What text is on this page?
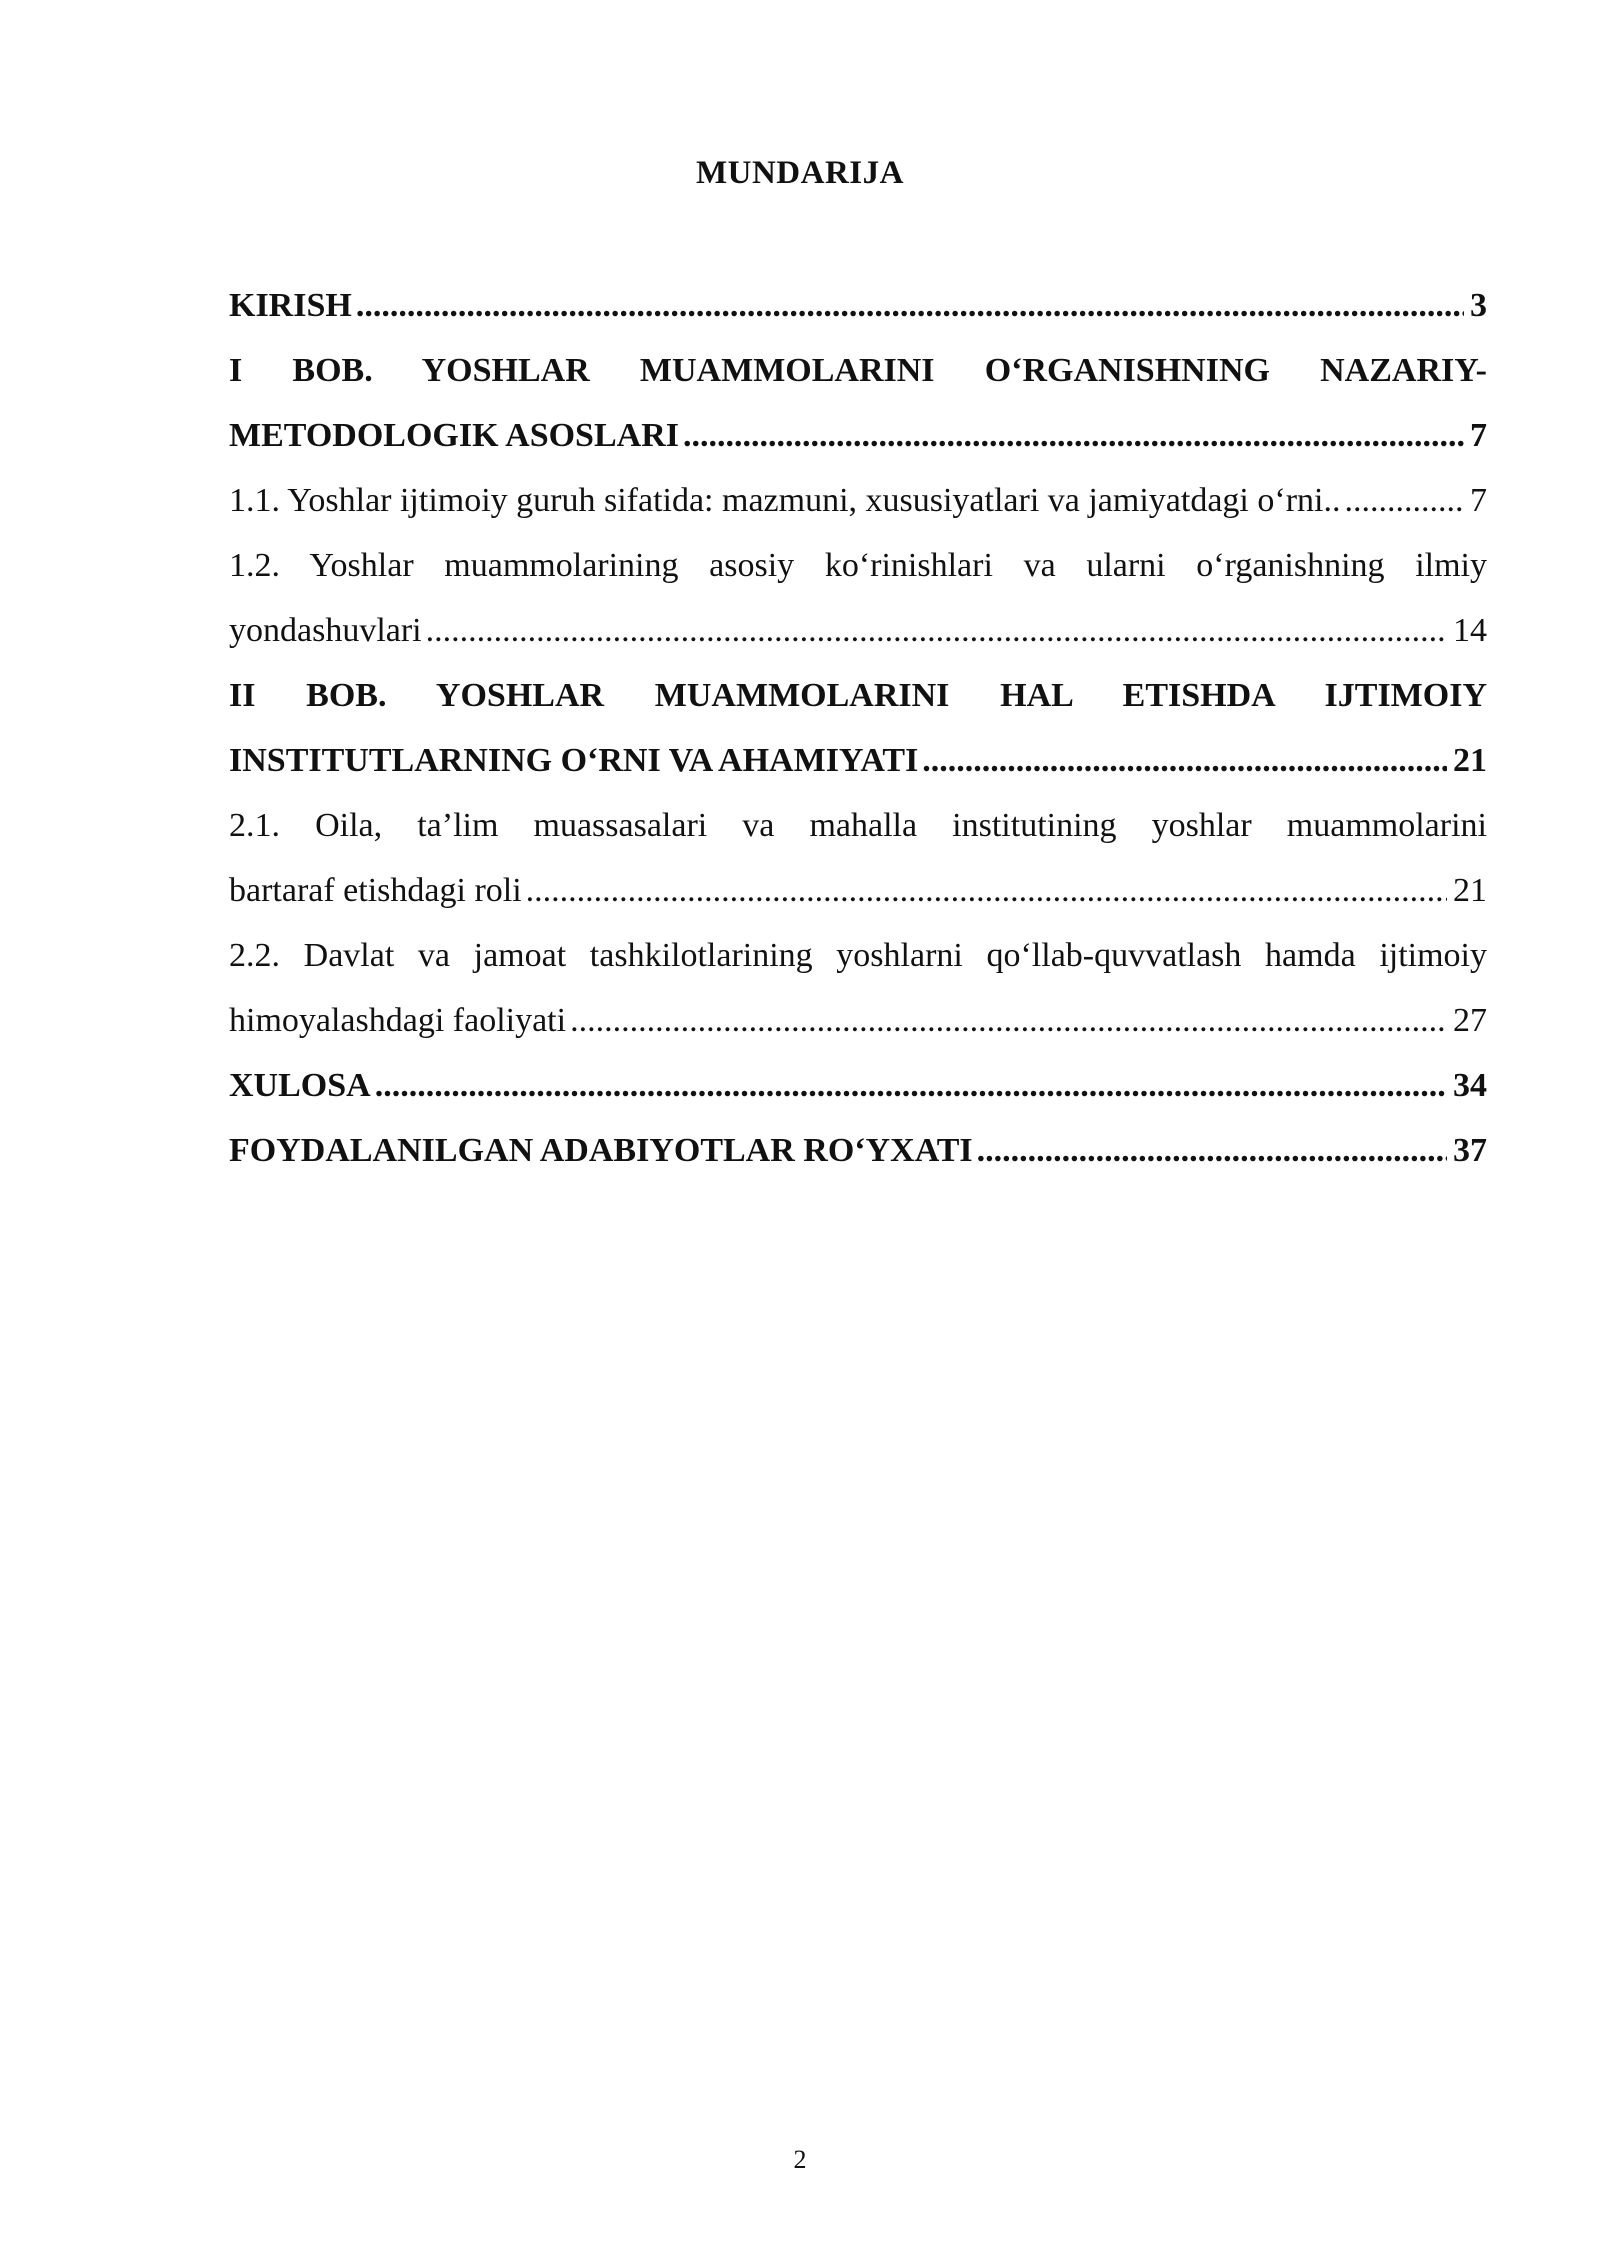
MUNDARIJA
KIRISH .....	3
I BOB. YOSHLAR MUAMMOLARINI O‘RGANISHNING NAZARIY-
METODOLOGIK ASOSLARI .....	7
1.1. Yoshlar ijtimoiy guruh sifatida: mazmuni, xususiyatlari va jamiyatdagi o‘rni.. .....	7
1.2. Yoshlar muammolarining asosiy ko‘rinishlari va ularni o‘rganishning ilmiy
yondashuvlari .....	14
II BOB. YOSHLAR MUAMMOLARINI HAL ETISHDA IJTIMOIY
INSTITUTLARNING O‘RNI VA AHAMIYATI .....	21
2.1. Oila, ta’lim muassasalari va mahalla institutining yoshlar muammolarini
bartaraf etishdagi roli .....	21
2.2. Davlat va jamoat tashkilotlarining yoshlarni qo‘llab-quvvatlash hamda ijtimoiy
himoyalashdagi faoliyati .....	27
XULOSA .....	34
FOYDALANILGAN ADABIYOTLAR RO‘YXATI .....	37
2
